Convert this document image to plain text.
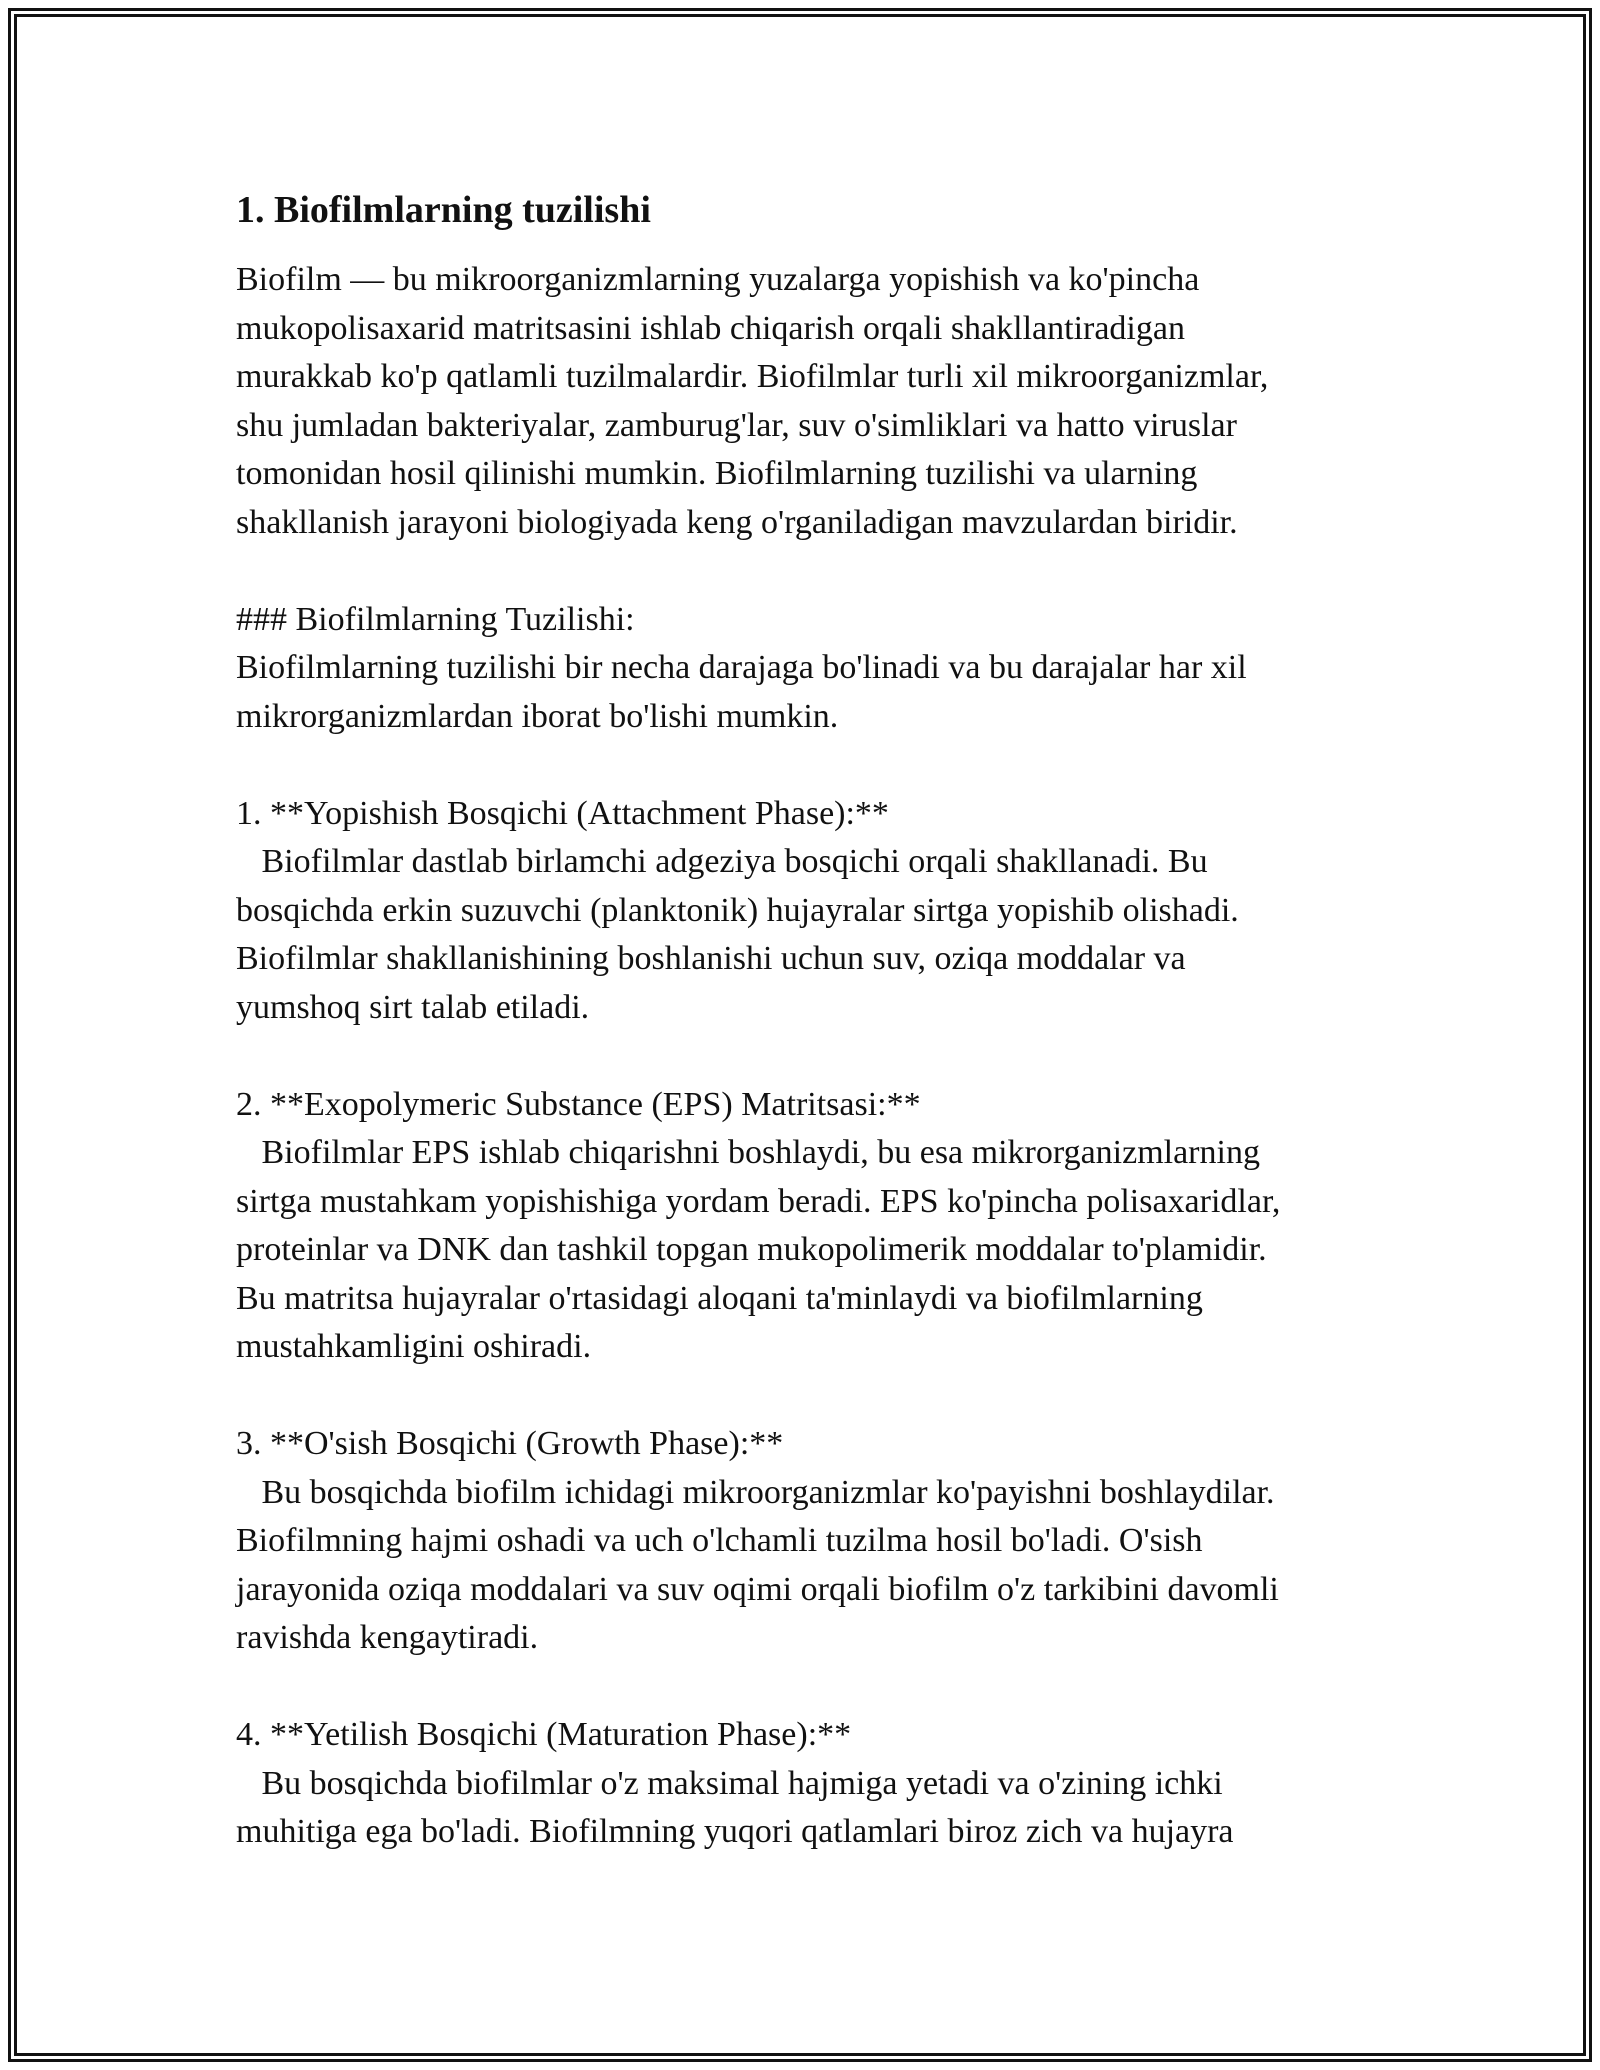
1. Biofilmlarning tuzilishi

Biofilm — bu mikroorganizmlarning yuzalarga yopishish va ko'pincha
mukopolisaxarid matritsasini ishlab chiqarish orqali shakllantiradigan
murakkab ko'p qatlamli tuzilmalardir. Biofilmlar turli xil mikroorganizmlar,
shu jumladan bakteriyalar, zamburug'lar, suv o'simliklari va hatto viruslar
tomonidan hosil qilinishi mumkin. Biofilmlarning tuzilishi va ularning
shakllanish jarayoni biologiyada keng o'rganiladigan mavzulardan biridir.

### Biofilmlarning Tuzilishi:

Biofilmlarning tuzilishi bir necha darajaga bo'linadi va bu darajalar har xil
mikrorganizmlardan iborat bo'lishi mumkin.

1. **Yopishish Bosqichi (Attachment Phase):**

Biofilmlar dastlab birlamchi adgeziya bosqichi orqali shakllanadi. Bu
bosqichda erkin suzuvchi (planktonik) hujayralar sirtga yopishib olishadi.
Biofilmlar shakllanishining boshlanishi uchun suv, oziqa moddalar va
yumshoq sirt talab etiladi.

2. **Exopolymeric Substance (EPS) Matritsasi:**

Biofilmlar EPS ishlab chiqarishni boshlaydi, bu esa mikrorganizmlarning
sirtga mustahkam yopishishiga yordam beradi. EPS ko'pincha polisaxaridlar,
proteinlar va DNK dan tashkil topgan mukopolimerik moddalar to'plamidir.
Bu matritsa hujayralar o'rtasidagi aloqani ta'minlaydi va biofilmlarning
mustahkamligini oshiradi.

3. **O'sish Bosqichi (Growth Phase):**

Bu bosqichda biofilm ichidagi mikroorganizmlar ko'payishni boshlaydilar.
Biofilmning hajmi oshadi va uch o'lchamli tuzilma hosil bo'ladi. O'sish
jarayonida oziqa moddalari va suv oqimi orqali biofilm o'z tarkibini davomli
ravishda kengaytiradi.

4. **Yetilish Bosqichi (Maturation Phase):**

Bu bosqichda biofilmlar o'z maksimal hajmiga yetadi va o'zining ichki
muhitiga ega bo'ladi. Biofilmning yuqori qatlamlari biroz zich va hujayra
